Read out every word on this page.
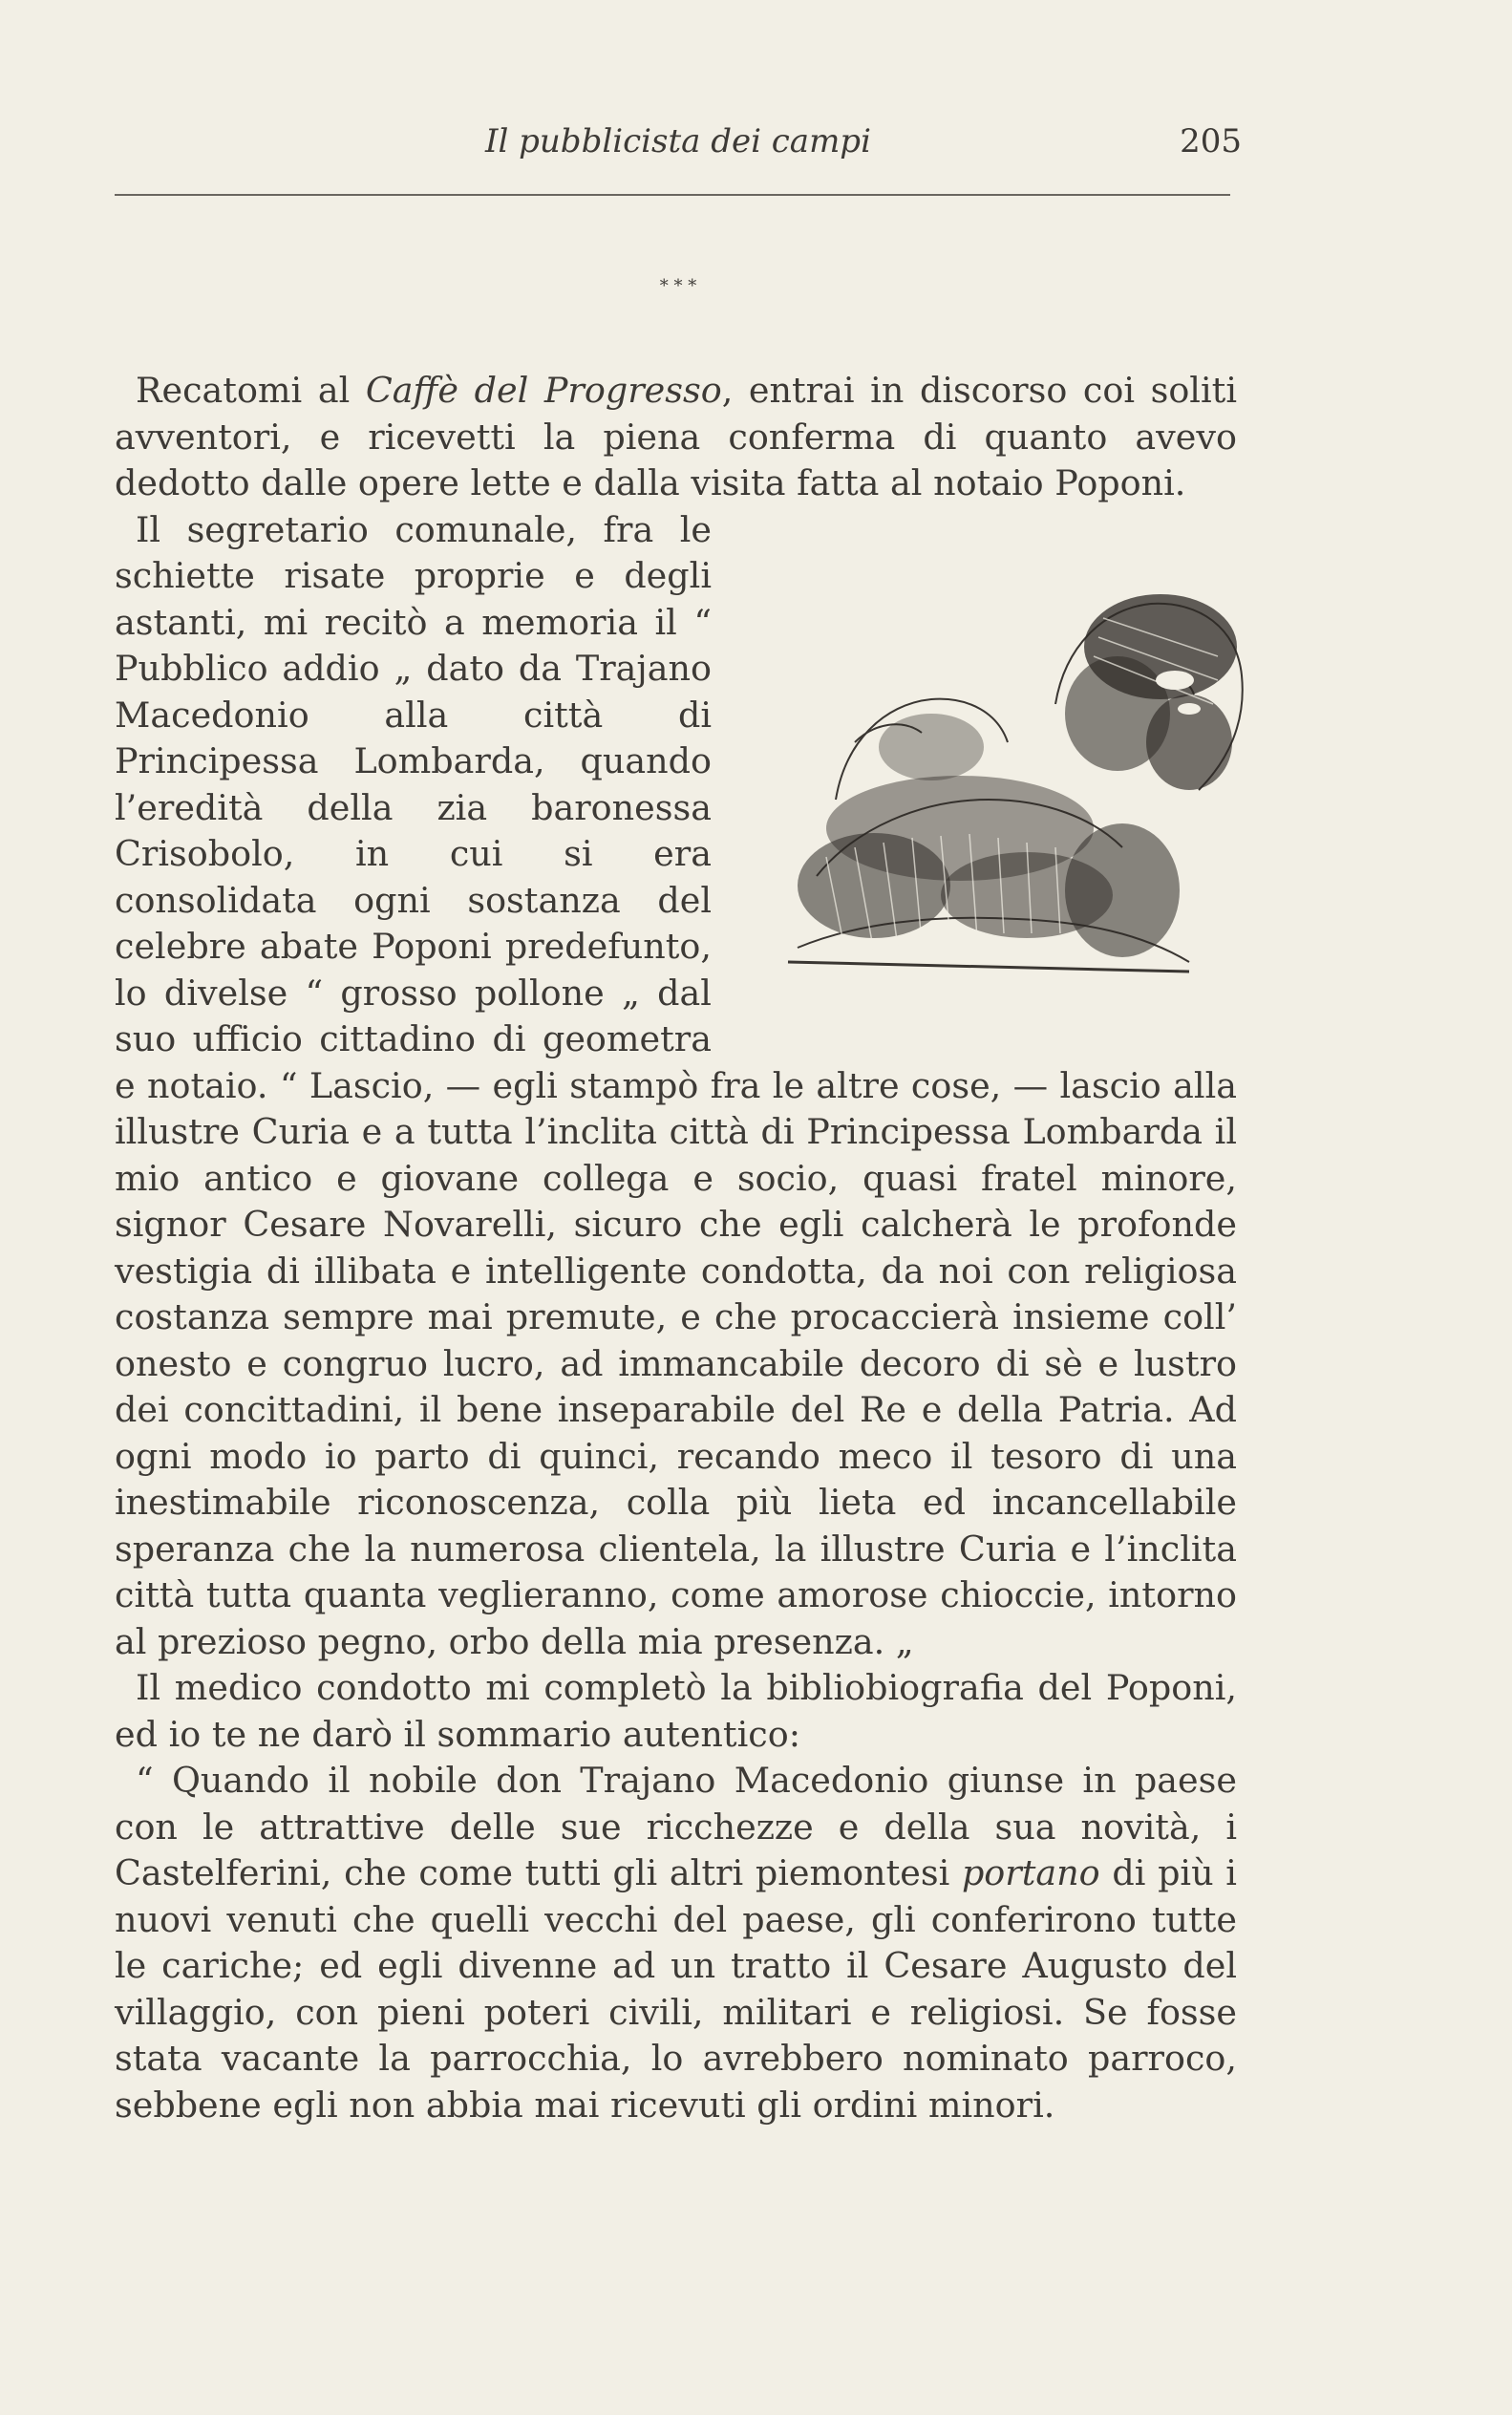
Il pubblicista dei campi	205
* * *

Recatomi al Caffè del Progresso, entrai in discorso coi soliti avventori, e ricevetti la piena conferma di quanto avevo dedotto dalle opere lette e dalla visita fatta al notaio Poponi.

Il segretario comunale, fra le schiette risate proprie e degli astanti, mi recitò a memoria il “ Pubblico addio „ dato da Trajano Macedonio alla città di Principessa Lombarda, quando l’eredità della zia baronessa Crisobolo, in cui si era consolidata ogni sostanza del celebre abate Poponi predefunto, lo divelse “ grosso pollone „ dal suo ufficio cittadino di geometra e notaio. “ Lascio, — egli stampò fra le altre cose, — lascio alla illustre Curia e a tutta l’inclita città di Principessa Lombarda il mio antico e giovane collega e socio, quasi fratel minore, signor Cesare Novarelli, sicuro che egli calcherà le profonde vestigia di illibata e intelligente condotta, da noi con religiosa costanza sempre mai premute, e che procaccierà insieme coll’ onesto e congruo lucro, ad immancabile decoro di sè e lustro dei concittadini, il bene inseparabile del Re e della Patria. Ad ogni modo io parto di quinci, recando meco il tesoro di una inestimabile riconoscenza, colla più lieta ed incancellabile speranza che la numerosa clientela, la illustre Curia e l’inclita città tutta quanta veglieranno, come amorose chioccie, intorno al prezioso pegno, orbo della mia presenza. „

Il medico condotto mi completò la bibliobiografia del Poponi, ed io te ne darò il sommario autentico:

“ Quando il nobile don Trajano Macedonio giunse in paese con le attrattive delle sue ricchezze e della sua novità, i Castelferini, che come tutti gli altri piemontesi portano di più i nuovi venuti che quelli vecchi del paese, gli conferirono tutte le cariche; ed egli divenne ad un tratto il Cesare Augusto del villaggio, con pieni poteri civili, militari e religiosi. Se fosse stata vacante la parrocchia, lo avrebbero nominato parroco, sebbene egli non abbia mai ricevuti gli ordini minori.
